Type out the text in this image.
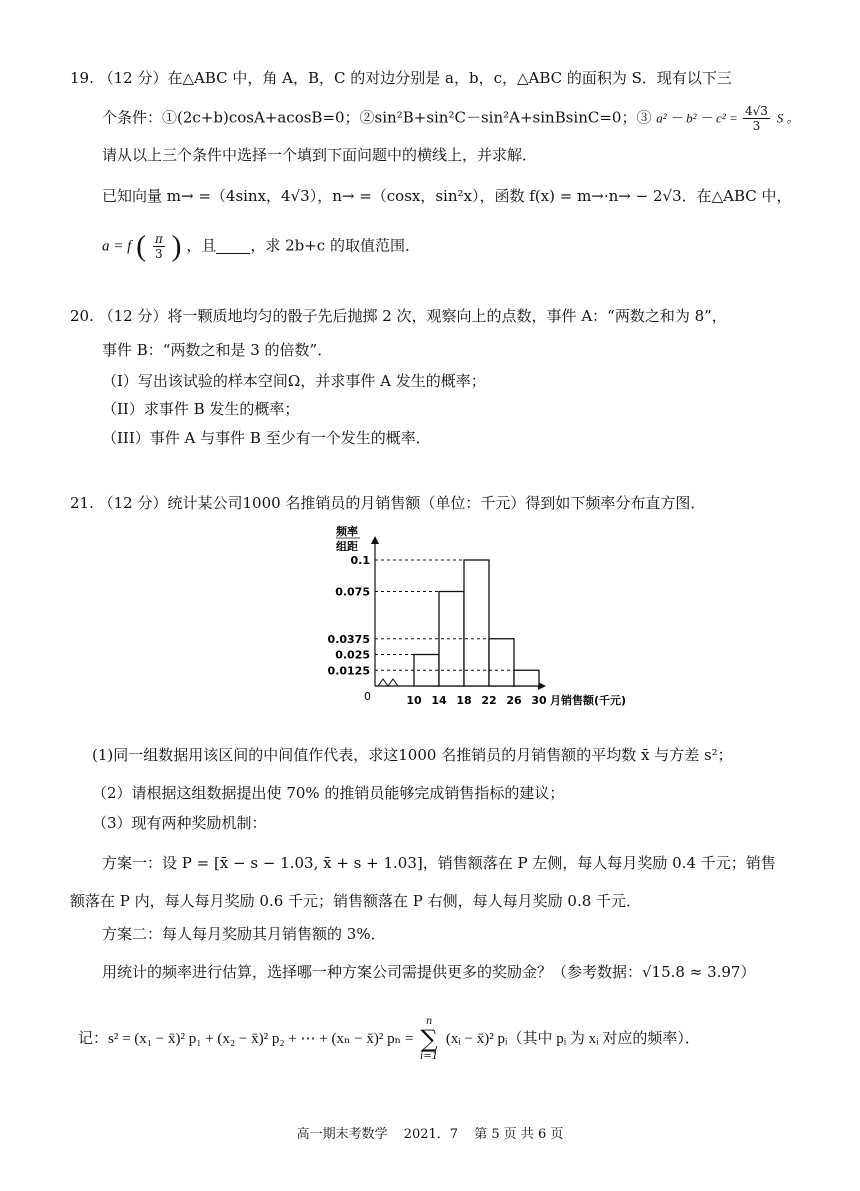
19. （12 分）在△ABC 中，角 A，B，C 的对边分别是 a，b，c，△ABC 的面积为 S．现有以下三
个条件：①(2c+b)cosA+acosB=0；②sin²B+sin²C－sin²A+sinBsinC=0；③ $a^2 - b^2 - c^2 = \frac{4√3}{3}$ S 。
请从以上三个条件中选择一个填到下面问题中的横线上，并求解．
已知向量 m→ =（4sinx，4√3），n→ =（cosx，sin²x），函数 f(x) = m→·n→ − 2√3．在△ABC 中，
a = f ( $\frac{\pi}{3}$ ) ，且 ，求 2b+c 的取值范围．
20. （12 分）将一颗质地均匀的骰子先后抛掷 2 次，观察向上的点数，事件 A：“两数之和为 8”，
事件 B：“两数之和是 3 的倍数”．
（I）写出该试验的样本空间Ω，并求事件 A 发生的概率；
（II）求事件 B 发生的概率；
（III）事件 A 与事件 B 至少有一个发生的概率．
21. （12 分）统计某公司1000 名推销员的月销售额（单位：千元）得到如下频率分布直方图．
频率
组距
0
0.0125
0.025
0.0375
0.075
0.1
10 14 18 22 26 30 月销售额(千元)
(1)同一组数据用该区间的中间值作代表，求这1000 名推销员的月销售额的平均数 x̄ 与方差 s²；
（2）请根据这组数据提出使 70% 的推销员能够完成销售指标的建议；
（3）现有两种奖励机制：
方案一：设 P = [x̄ − s − 1.03, x̄ + s + 1.03]，销售额落在 P 左侧，每人每月奖励 0.4 千元；销售
额落在 P 内，每人每月奖励 0.6 千元；销售额落在 P 右侧，每人每月奖励 0.8 千元．
方案二：每人每月奖励其月销售额的 3%．
用统计的频率进行估算，选择哪一种方案公司需提供更多的奖励金？（参考数据：√15.8 ≈ 3.97）
记：s² = (x₁ − x̄)² p₁ + (x₂ − x̄)² p₂ + ⋯ + (xₙ − x̄)² pₙ =
n
∑
i=1
(xᵢ − x̄)² pᵢ（其中 pᵢ 为 xᵢ 对应的频率）．
高一期末考数学 2021．7 第 5 页 共 6 页
